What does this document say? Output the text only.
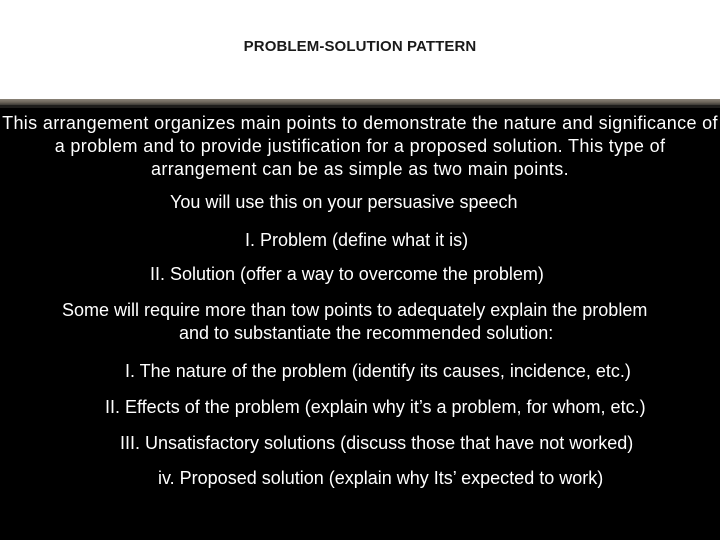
PROBLEM-SOLUTION PATTERN
This arrangement organizes main points to demonstrate the nature and significance of a problem and to provide justification for a proposed solution. This type of arrangement can be as simple as two main points.
You will use this on your persuasive speech
I. Problem (define what it is)
II. Solution (offer a way to overcome the problem)
Some will require more than tow points to adequately explain the problem
and to substantiate the recommended solution:
I. The nature of the problem (identify its causes, incidence, etc.)
II. Effects of the problem (explain why it’s a problem, for whom, etc.)
III. Unsatisfactory solutions (discuss those that have not worked)
iv. Proposed solution (explain why Its’ expected to work)
